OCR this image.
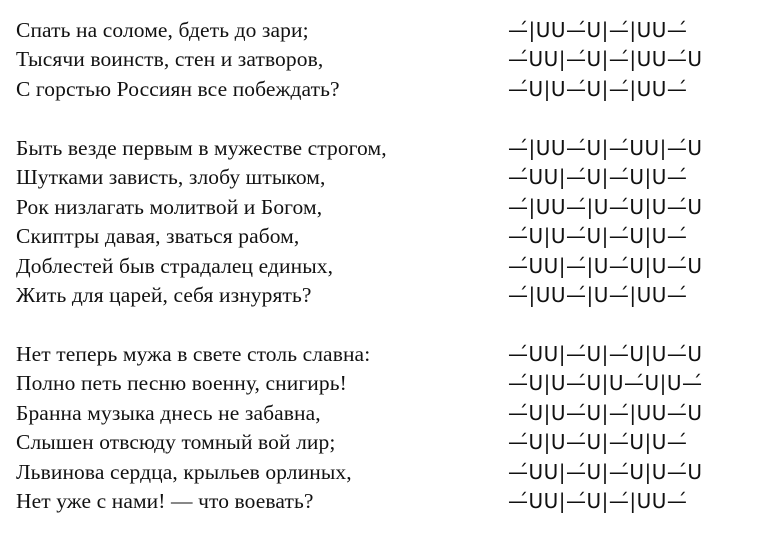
Спать на соломе, бдеть до зари;	—́|UU—́U|—́|UU—́
Тысячи воинств, стен и затворов,	—́UU|—́U|—́|UU—́U
С горстью Россиян все побеждать?	—́U|U—́U|—́|UU—́
Быть везде первым в мужестве строгом,	—́|UU—́U|—́UU|—́U
Шутками зависть, злобу штыком,	—́UU|—́U|—́U|U—́
Рок низлагать молитвой и Богом,	—́|UU—́|U—́U|U—́U
Скиптры давая, зваться рабом,	—́U|U—́U|—́U|U—́
Доблестей быв страдалец единых,	—́UU|—́|U—́U|U—́U
Жить для царей, себя изнурять?	—́|UU—́|U—́|UU—́
Нет теперь мужа в свете столь славна:	—́UU|—́U|—́U|U—́U
Полно петь песню военну, снигирь!	—́U|U—́U|U—́U|U—́
Бранна музыка днесь не забавна,	—́U|U—́U|—́|UU—́U
Слышен отвсюду томный вой лир;	—́U|U—́U|—́U|U—́
Львинова сердца, крыльев орлиных,	—́UU|—́U|—́U|U—́U
Нет уже с нами! — что воевать?	—́UU|—́U|—́|UU—́
